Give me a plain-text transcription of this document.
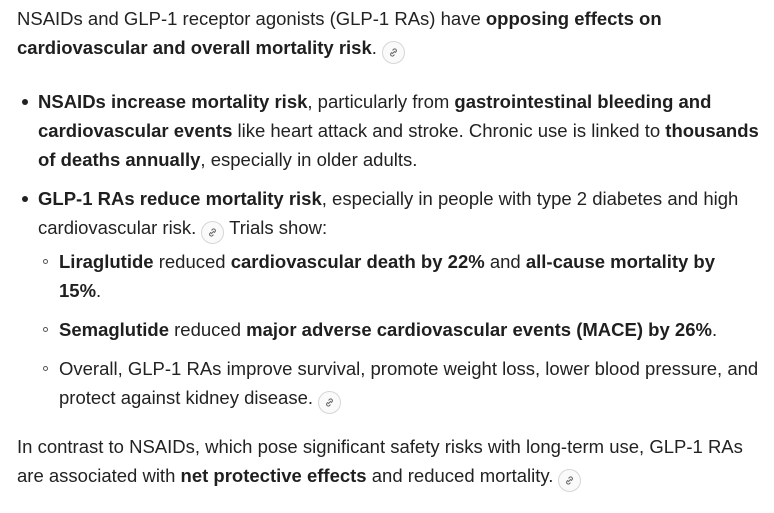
NSAIDs and GLP-1 receptor agonists (GLP-1 RAs) have opposing effects on cardiovascular and overall mortality risk.

NSAIDs increase mortality risk, particularly from gastrointestinal bleeding and cardiovascular events like heart attack and stroke. Chronic use is linked to thousands of deaths annually, especially in older adults.
GLP-1 RAs reduce mortality risk, especially in people with type 2 diabetes and high cardiovascular risk.
Trials show:
Liraglutide reduced cardiovascular death by 22% and all-cause mortality by 15%.
Semaglutide reduced major adverse cardiovascular events (MACE) by 26%.
Overall, GLP-1 RAs improve survival, promote weight loss, lower blood pressure, and protect against kidney disease.

In contrast to NSAIDs, which pose significant safety risks with long-term use, GLP-1 RAs are associated with net protective effects and reduced mortality.
